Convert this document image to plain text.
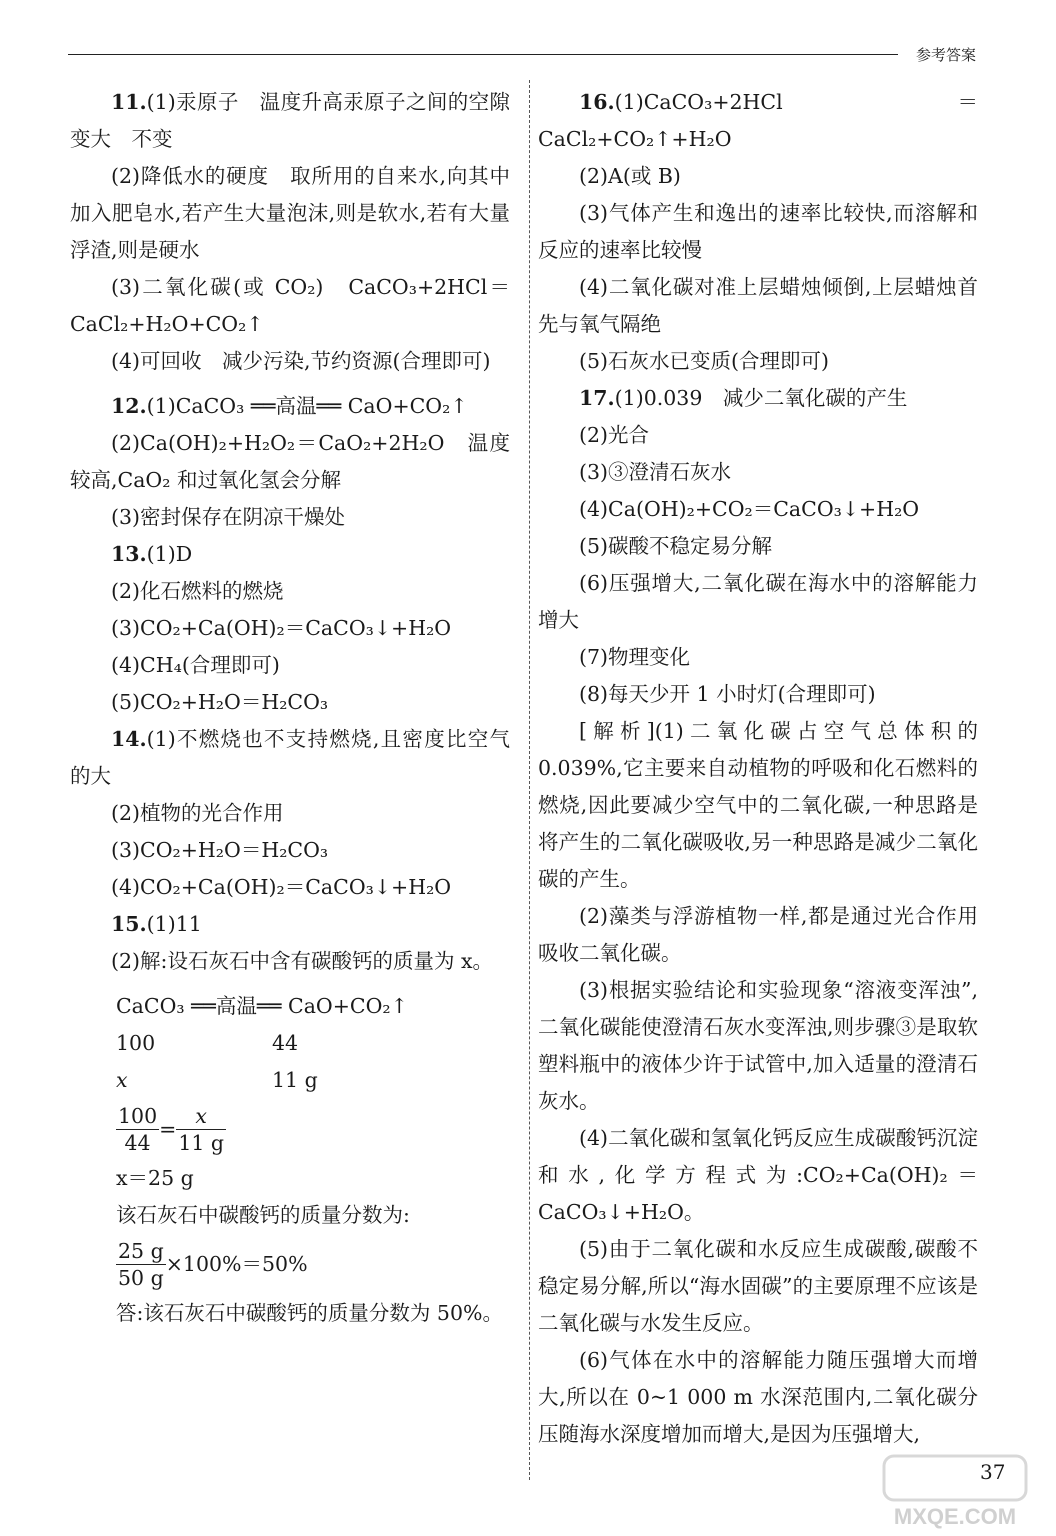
参考答案

11.(1)汞原子　温度升高汞原子之间的空隙变大　不变

(2)降低水的硬度　取所用的自来水,向其中加入肥皂水,若产生大量泡沫,则是软水,若有大量浮渣,则是硬水

(3)二氧化碳(或 CO₂)　CaCO₃+2HCl＝CaCl₂+H₂O+CO₂↑

(4)可回收　减少污染,节约资源(合理即可)

12.(1)CaCO₃ ══高温══ CaO+CO₂↑

(2)Ca(OH)₂+H₂O₂＝CaO₂+2H₂O　温度较高,CaO₂ 和过氧化氢会分解

(3)密封保存在阴凉干燥处

13.(1)D

(2)化石燃料的燃烧

(3)CO₂+Ca(OH)₂＝CaCO₃↓+H₂O

(4)CH₄(合理即可)

(5)CO₂+H₂O＝H₂CO₃

14.(1)不燃烧也不支持燃烧,且密度比空气的大

(2)植物的光合作用

(3)CO₂+H₂O＝H₂CO₃

(4)CO₂+Ca(OH)₂＝CaCO₃↓+H₂O

15.(1)11

(2)解:设石灰石中含有碳酸钙的质量为 x。

CaCO₃ ══高温══ CaO+CO₂↑
100	44
x	11 g
$\frac{100}{44} = \frac{x}{11 g}$
x＝25 g
该石灰石中碳酸钙的质量分数为:
$\frac{25 g}{50 g} \times 100\%=50\%$
答:该石灰石中碳酸钙的质量分数为 50%。

16.(1)CaCO₃+2HCl＝CaCl₂+CO₂↑+H₂O

(2)A(或 B)

(3)气体产生和逸出的速率比较快,而溶解和反应的速率比较慢

(4)二氧化碳对准上层蜡烛倾倒,上层蜡烛首先与氧气隔绝

(5)石灰水已变质(合理即可)

17.(1)0.039　减少二氧化碳的产生

(2)光合

(3)③澄清石灰水

(4)Ca(OH)₂+CO₂＝CaCO₃↓+H₂O

(5)碳酸不稳定易分解

(6)压强增大,二氧化碳在海水中的溶解能力增大

(7)物理变化

(8)每天少开 1 小时灯(合理即可)

[解析](1)二氧化碳占空气总体积的 0.039%,它主要来自动植物的呼吸和化石燃料的燃烧,因此要减少空气中的二氧化碳,一种思路是将产生的二氧化碳吸收,另一种思路是减少二氧化碳的产生。

(2)藻类与浮游植物一样,都是通过光合作用吸收二氧化碳。

(3)根据实验结论和实验现象“溶液变浑浊”,二氧化碳能使澄清石灰水变浑浊,则步骤③是取软塑料瓶中的液体少许于试管中,加入适量的澄清石灰水。

(4)二氧化碳和氢氧化钙反应生成碳酸钙沉淀和水,化学方程式为:CO₂+Ca(OH)₂＝CaCO₃↓+H₂O。

(5)由于二氧化碳和水反应生成碳酸,碳酸不稳定易分解,所以“海水固碳”的主要原理不应该是二氧化碳与水发生反应。

(6)气体在水中的溶解能力随压强增大而增大,所以在 0~1 000 m 水深范围内,二氧化碳分压随海水深度增加而增大,是因为压强增大,

37
MXQE.COM
